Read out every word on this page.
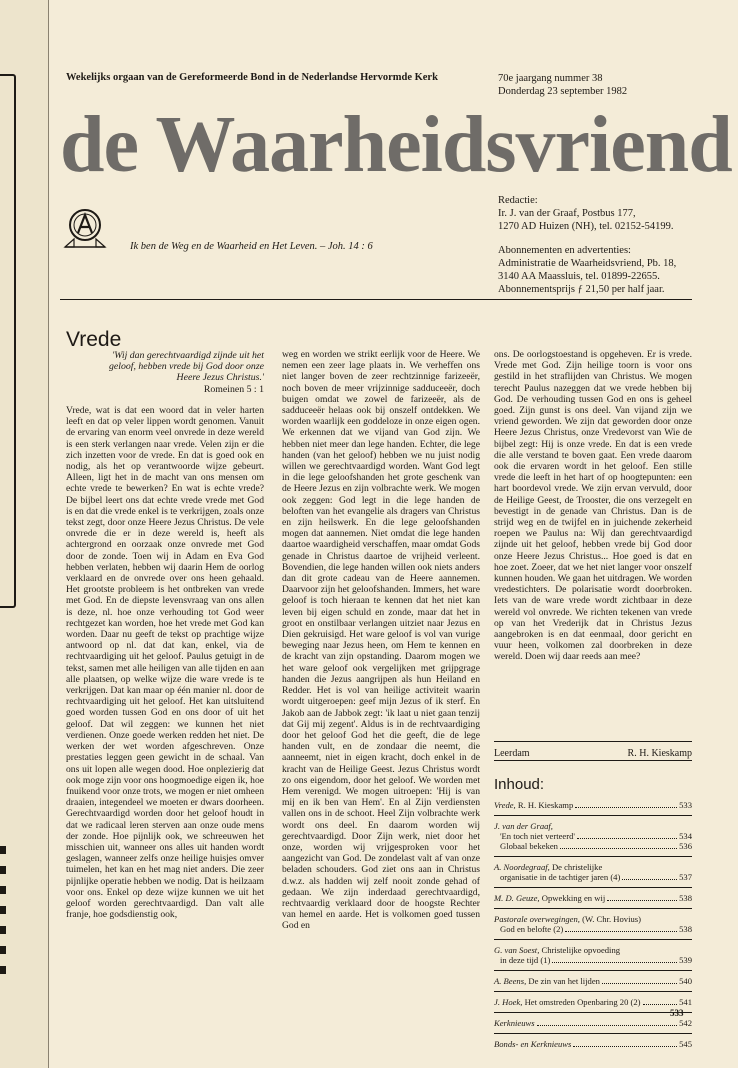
Wekelijks orgaan van de Gereformeerde Bond in de Nederlandse Hervormde Kerk	70e jaargang nummer 38
Donderdag 23 september 1982
de Waarheidsvriend
Ik ben de Weg en de Waarheid en Het Leven. – Joh. 14 : 6
Redactie:
Ir. J. van der Graaf, Postbus 177,
1270 AD Huizen (NH), tel. 02152-54199.
Abonnementen en advertenties:
Administratie de Waarheidsvriend, Pb. 18,
3140 AA Maassluis, tel. 01899-22655.
Abonnementsprijs ƒ 21,50 per half jaar.
Vrede
'Wij dan gerechtvaardigd zijnde uit het geloof, hebben vrede bij God door onze Heere Jezus Christus.'
Romeinen 5 : 1
Vrede, wat is dat een woord dat in veler harten leeft en dat op veler lippen wordt genomen. Vanuit de ervaring van enorm veel onvrede in deze wereld is een sterk verlangen naar vrede. Velen zijn er die zich inzetten voor de vrede. En dat is goed ook en nodig, als het op verantwoorde wijze gebeurt. Alleen, ligt het in de macht van ons mensen om echte vrede te bewerken? En wat is echte vrede? De bijbel leert ons dat echte vrede vrede met God is en dat die vrede enkel is te verkrijgen, zoals onze tekst zegt, door onze Heere Jezus Christus. De vele onvrede die er in deze wereld is, heeft als achtergrond en oorzaak onze onvrede met God door de zonde. Toen wij in Adam en Eva God hebben verlaten, hebben wij daarin Hem de oorlog verklaard en de onvrede over ons heen gehaald. Het grootste probleem is het ontbreken van vrede met God. En de diepste levensvraag van ons allen is deze, nl. hoe onze verhouding tot God weer rechtgezet kan worden, hoe het vrede met God kan worden. Daar nu geeft de tekst op prachtige wijze antwoord op nl. dat dat kan, enkel, via de rechtvaardiging uit het geloof. Paulus getuigt in de tekst, samen met alle heiligen van alle tijden en aan alle plaatsen, op welke wijze die ware vrede is te verkrijgen. Dat kan maar op één manier nl. door de rechtvaardiging uit het geloof. Het kan uitsluitend goed worden tussen God en ons door of uit het geloof. Dat wil zeggen: we kunnen het niet verdienen. Onze goede werken redden het niet. De werken der wet worden afgeschreven. Onze prestaties leggen geen gewicht in de schaal. Van ons uit lopen alle wegen dood. Hoe onplezierig dat ook moge zijn voor ons hoogmoedige eigen ik, hoe fnuikend voor onze trots, we mogen er niet omheen draaien, integendeel we moeten er dwars doorheen. Gerechtvaardigd worden door het geloof houdt in dat we radicaal leren sterven aan onze oude mens der zonde. Hoe pijnlijk ook, we schreeuwen het misschien uit, wanneer ons alles uit handen wordt geslagen, wanneer zelfs onze heilige huisjes omver tuimelen, het kan en het mag niet anders. Die zeer pijnlijke operatie hebben we nodig. Dat is heilzaam voor ons. Enkel op deze wijze kunnen we uit het geloof worden gerechtvaardigd. Dan valt alle franje, hoe godsdienstig ook,
weg en worden we strikt eerlijk voor de Heere. We nemen een zeer lage plaats in. We verheffen ons niet langer boven de zeer rechtzinnige farizeeër, noch boven de meer vrijzinnige sadduceeër, doch buigen omdat we zowel de farizeeër, als de sadduceeër helaas ook bij onszelf ontdekken. We worden waarlijk een goddeloze in onze eigen ogen. We erkennen dat we vijand van God zijn. We hebben niet meer dan lege handen. Echter, die lege handen (van het geloof) hebben we nu juist nodig willen we gerechtvaardigd worden. Want God legt in die lege geloofshanden het grote geschenk van de Heere Jezus en zijn volbrachte werk. We mogen ook zeggen: God legt in die lege handen de beloften van het evangelie als dragers van Christus en zijn heilswerk. En die lege geloofshanden mogen dat aannemen. Niet omdat die lege handen daartoe waardigheid verschaffen, maar omdat Gods genade in Christus daartoe de vrijheid verleent. Bovendien, die lege handen willen ook niets anders dan dit grote cadeau van de Heere aannemen. Daarvoor zijn het geloofshanden. Immers, het ware geloof is toch hieraan te kennen dat het niet kan leven bij eigen schuld en zonde, maar dat het in groot en onstilbaar verlangen uitziet naar Jezus en Dien gekruisigd. Het ware geloof is vol van vurige beweging naar Jezus heen, om Hem te kennen en de kracht van zijn opstanding. Daarom mogen we het ware geloof ook vergelijken met grijpgrage handen die Jezus aangrijpen als hun Heiland en Redder. Het is vol van heilige activiteit waarin wordt uitgeroepen: geef mijn Jezus of ik sterf. En Jakob aan de Jabbok zegt: 'ik laat u niet gaan tenzij dat Gij mij zegent'. Aldus is in de rechtvaardiging door het geloof God het die geeft, die de lege handen vult, en de zondaar die neemt, die aanneemt, niet in eigen kracht, doch enkel in de kracht van de Heilige Geest. Jezus Christus wordt zo ons eigendom, door het geloof. We worden met Hem verenigd. We mogen uitroepen: 'Hij is van mij en ik ben van Hem'. En al Zijn verdiensten vallen ons in de schoot. Heel Zijn volbrachte werk wordt ons deel. En daarom worden wij gerechtvaardigd. Door Zijn werk, niet door het onze, worden wij vrijgesproken voor het aangezicht van God. De zondelast valt af van onze beladen schouders. God ziet ons aan in Christus d.w.z. als hadden wij zelf nooit zonde gehad of gedaan. We zijn inderdaad gerechtvaardigd, rechtvaardig verklaard door de hoogste Rechter van hemel en aarde. Het is volkomen goed tussen God en
ons. De oorlogstoestand is opgeheven. Er is vrede. Vrede met God. Zijn heilige toorn is voor ons gestild in het straflijden van Christus. We mogen terecht Paulus nazeggen dat we vrede hebben bij God. De verhouding tussen God en ons is geheel goed. Zijn gunst is ons deel. Van vijand zijn we vriend geworden. We zijn dat geworden door onze Heere Jezus Christus, onze Vredevorst van Wie de bijbel zegt: Hij is onze vrede. En dat is een vrede die alle verstand te boven gaat. Een vrede daarom ook die ervaren wordt in het geloof. Een stille vrede die leeft in het hart of op hoogtepunten: een hart boordevol vrede. We zijn ervan vervuld, door de Heilige Geest, de Trooster, die ons verzegelt en bevestigt in de genade van Christus. Dan is de strijd weg en de twijfel en in juichende zekerheid roepen we Paulus na: Wij dan gerechtvaardigd zijnde uit het geloof, hebben vrede bij God door onze Heere Jezus Christus... Hoe goed is dat en hoe zoet. Zoeer, dat we het niet langer voor onszelf kunnen houden. We gaan het uitdragen. We worden vredestichters. De polarisatie wordt doorbroken. Iets van de ware vrede wordt zichtbaar in deze wereld vol onvrede. We richten tekenen van vrede op van het Vrederijk dat in Christus Jezus aangebroken is en dat eenmaal, door gericht en vuur heen, volkomen zal doorbreken in deze wereld. Doen wij daar reeds aan mee?
Leerdam	R. H. Kieskamp
Inhoud:
Vrede, R. H. Kieskamp	533
J. van der Graaf,
'En toch niet verteerd'	534
Globaal bekeken	536
A. Noordegraaf, De christelijke
organisatie in de tachtiger jaren (4)	537
M. D. Geuze, Opwekking en wij	538
Pastorale overwegingen, (W. Chr. Hovius)
God en belofte (2)	538
G. van Soest, Christelijke opvoeding
in deze tijd (1)	539
A. Beens, De zin van het lijden	540
J. Hoek, Het omstreden Openbaring 20 (2)	541
Kerknieuws	542
Bonds- en Kerknieuws	545
533
